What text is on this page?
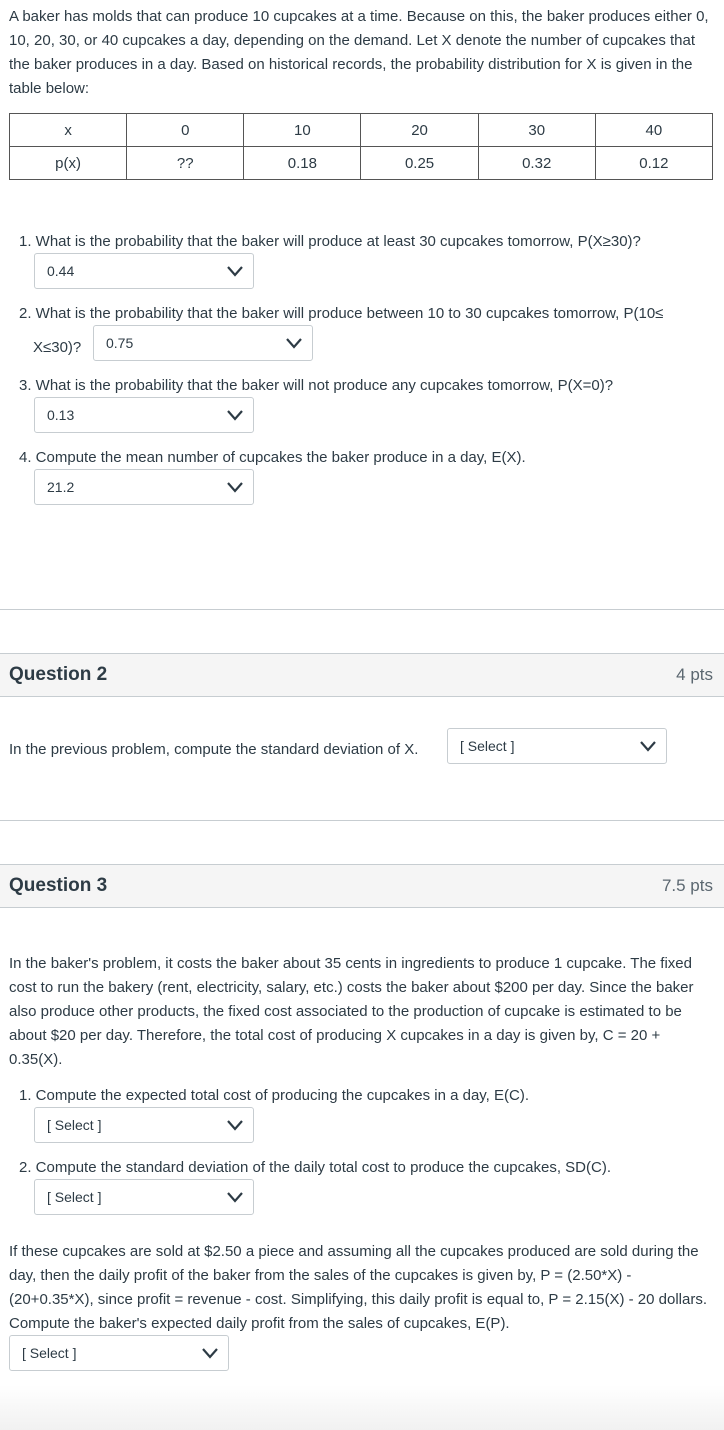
A baker has molds that can produce 10 cupcakes at a time. Because on this, the baker produces either 0, 10, 20, 30, or 40 cupcakes a day, depending on the demand. Let X denote the number of cupcakes that the baker produces in a day. Based on historical records, the probability distribution for X is given in the table below:
x	0	10	20	30	40
p(x)	??	0.18	0.25	0.32	0.12
1. What is the probability that the baker will produce at least 30 cupcakes tomorrow, P(X≥30)?
0.44
2. What is the probability that the baker will produce between 10 to 30 cupcakes tomorrow, P(10≤
X≤30)?	0.75
3. What is the probability that the baker will not produce any cupcakes tomorrow, P(X=0)?
0.13
4. Compute the mean number of cupcakes the baker produce in a day, E(X).
21.2
Question 2	4 pts
In the previous problem, compute the standard deviation of X.	[ Select ]
Question 3	7.5 pts
In the baker's problem, it costs the baker about 35 cents in ingredients to produce 1 cupcake. The fixed cost to run the bakery (rent, electricity, salary, etc.) costs the baker about $200 per day. Since the baker also produce other products, the fixed cost associated to the production of cupcake is estimated to be about $20 per day. Therefore, the total cost of producing X cupcakes in a day is given by, C = 20 + 0.35(X).
1. Compute the expected total cost of producing the cupcakes in a day, E(C).
[ Select ]
2. Compute the standard deviation of the daily total cost to produce the cupcakes, SD(C).
[ Select ]
If these cupcakes are sold at $2.50 a piece and assuming all the cupcakes produced are sold during the day, then the daily profit of the baker from the sales of the cupcakes is given by, P = (2.50*X) - (20+0.35*X), since profit = revenue - cost. Simplifying, this daily profit is equal to, P = 2.15(X) - 20 dollars. Compute the baker's expected daily profit from the sales of cupcakes, E(P).
[ Select ]
